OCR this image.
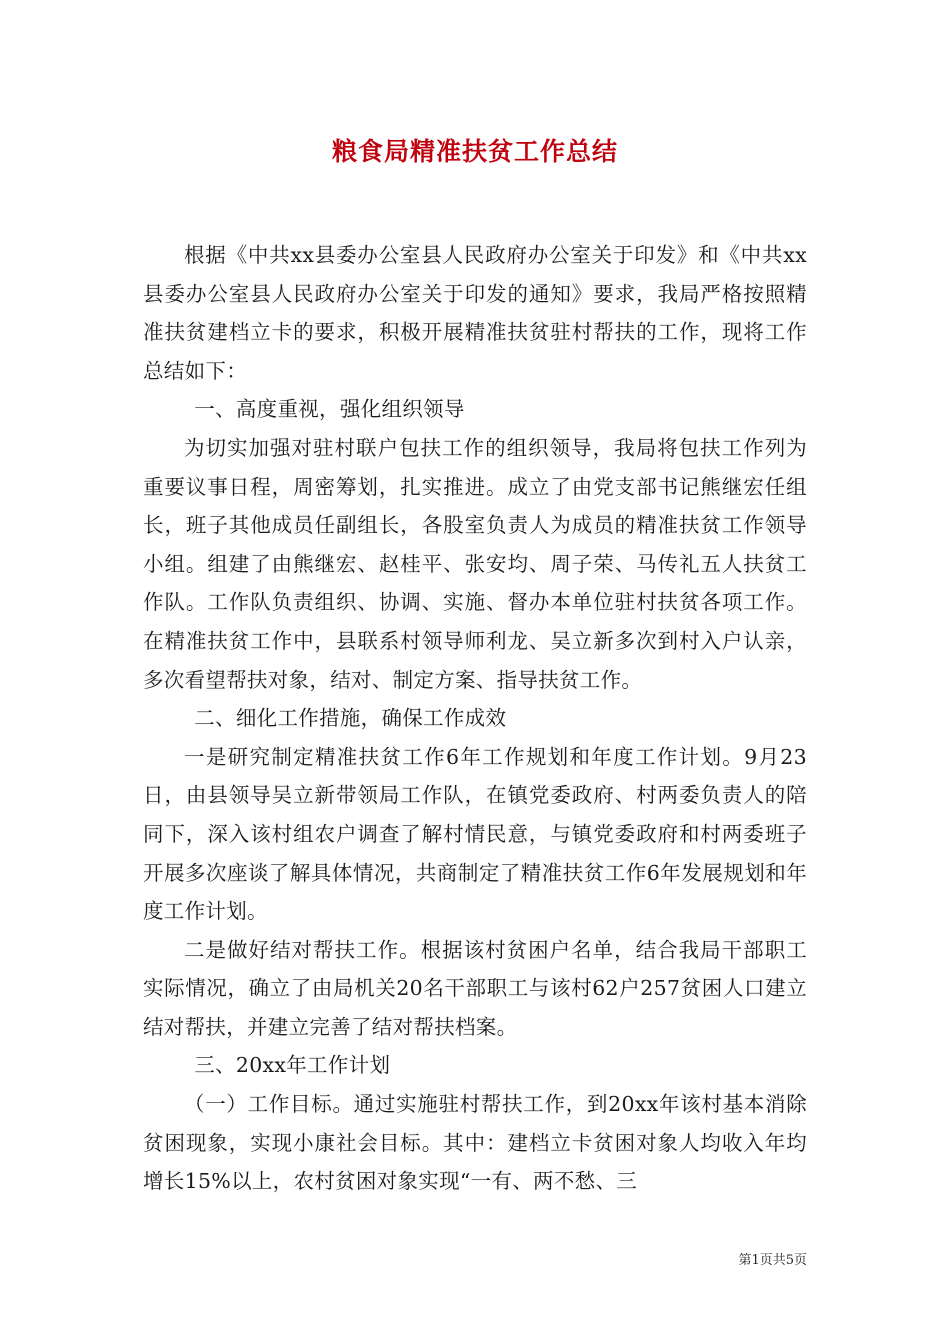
粮食局精准扶贫工作总结

根据《中共xx县委办公室县人民政府办公室关于印发》和《中共xx县委办公室县人民政府办公室关于印发的通知》要求，我局严格按照精准扶贫建档立卡的要求，积极开展精准扶贫驻村帮扶的工作，现将工作总结如下：

一、高度重视，强化组织领导

为切实加强对驻村联户包扶工作的组织领导，我局将包扶工作列为重要议事日程，周密筹划，扎实推进。成立了由党支部书记熊继宏任组长，班子其他成员任副组长，各股室负责人为成员的精准扶贫工作领导小组。组建了由熊继宏、赵桂平、张安均、周子荣、马传礼五人扶贫工作队。工作队负责组织、协调、实施、督办本单位驻村扶贫各项工作。在精准扶贫工作中，县联系村领导师利龙、吴立新多次到村入户认亲，多次看望帮扶对象，结对、制定方案、指导扶贫工作。

二、细化工作措施，确保工作成效

一是研究制定精准扶贫工作6年工作规划和年度工作计划。9月23日，由县领导吴立新带领局工作队，在镇党委政府、村两委负责人的陪同下，深入该村组农户调查了解村情民意，与镇党委政府和村两委班子开展多次座谈了解具体情况，共商制定了精准扶贫工作6年发展规划和年度工作计划。

二是做好结对帮扶工作。根据该村贫困户名单，结合我局干部职工实际情况，确立了由局机关20名干部职工与该村62户257贫困人口建立结对帮扶，并建立完善了结对帮扶档案。

三、20xx年工作计划

（一）工作目标。通过实施驻村帮扶工作，到20xx年该村基本消除贫困现象，实现小康社会目标。其中：建档立卡贫困对象人均收入年均增长15%以上，农村贫困对象实现“一有、两不愁、三

第1页共5页
